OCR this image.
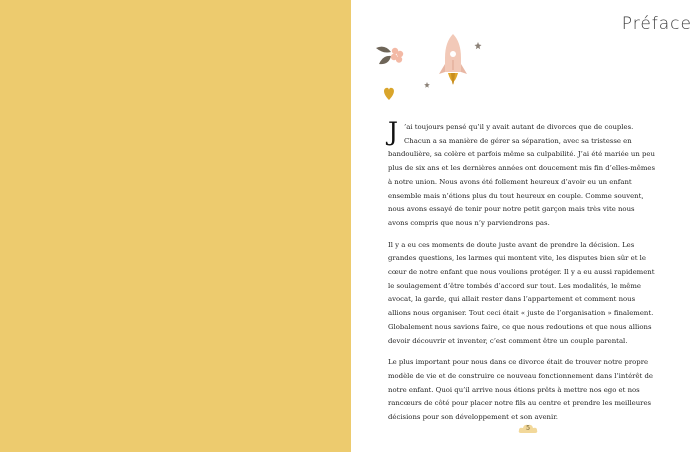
Préface

J ’ai toujours pensé qu’il y avait autant de divorces que de couples. Chacun a sa manière de gérer sa séparation, avec sa tristesse en bandoulière, sa colère et parfois même sa culpabilité. J’ai été mariée un peu plus de six ans et les dernières années ont doucement mis fin d’elles-mêmes à notre union. Nous avons été follement heureux d’avoir eu un enfant ensemble mais n’étions plus du tout heureux en couple. Comme souvent, nous avons essayé de tenir pour notre petit garçon mais très vite nous avons compris que nous n’y parviendrons pas.

Il y a eu ces moments de doute juste avant de prendre la décision. Les grandes questions, les larmes qui montent vite, les disputes bien sûr et le cœur de notre enfant que nous voulions protéger. Il y a eu aussi rapidement le soulagement d’être tombés d’accord sur tout. Les modalités, le même avocat, la garde, qui allait rester dans l’appartement et comment nous allions nous organiser. Tout ceci était « juste de l’organisation » finalement. Globalement nous savions faire, ce que nous redoutions et que nous allions devoir découvrir et inventer, c’est comment être un couple parental.

Le plus important pour nous dans ce divorce était de trouver notre propre modèle de vie et de construire ce nouveau fonctionnement dans l’intérêt de notre enfant. Quoi qu’il arrive nous étions prêts à mettre nos ego et nos rancœurs de côté pour placer notre fils au centre et prendre les meilleures décisions pour son développement et son avenir.

5
